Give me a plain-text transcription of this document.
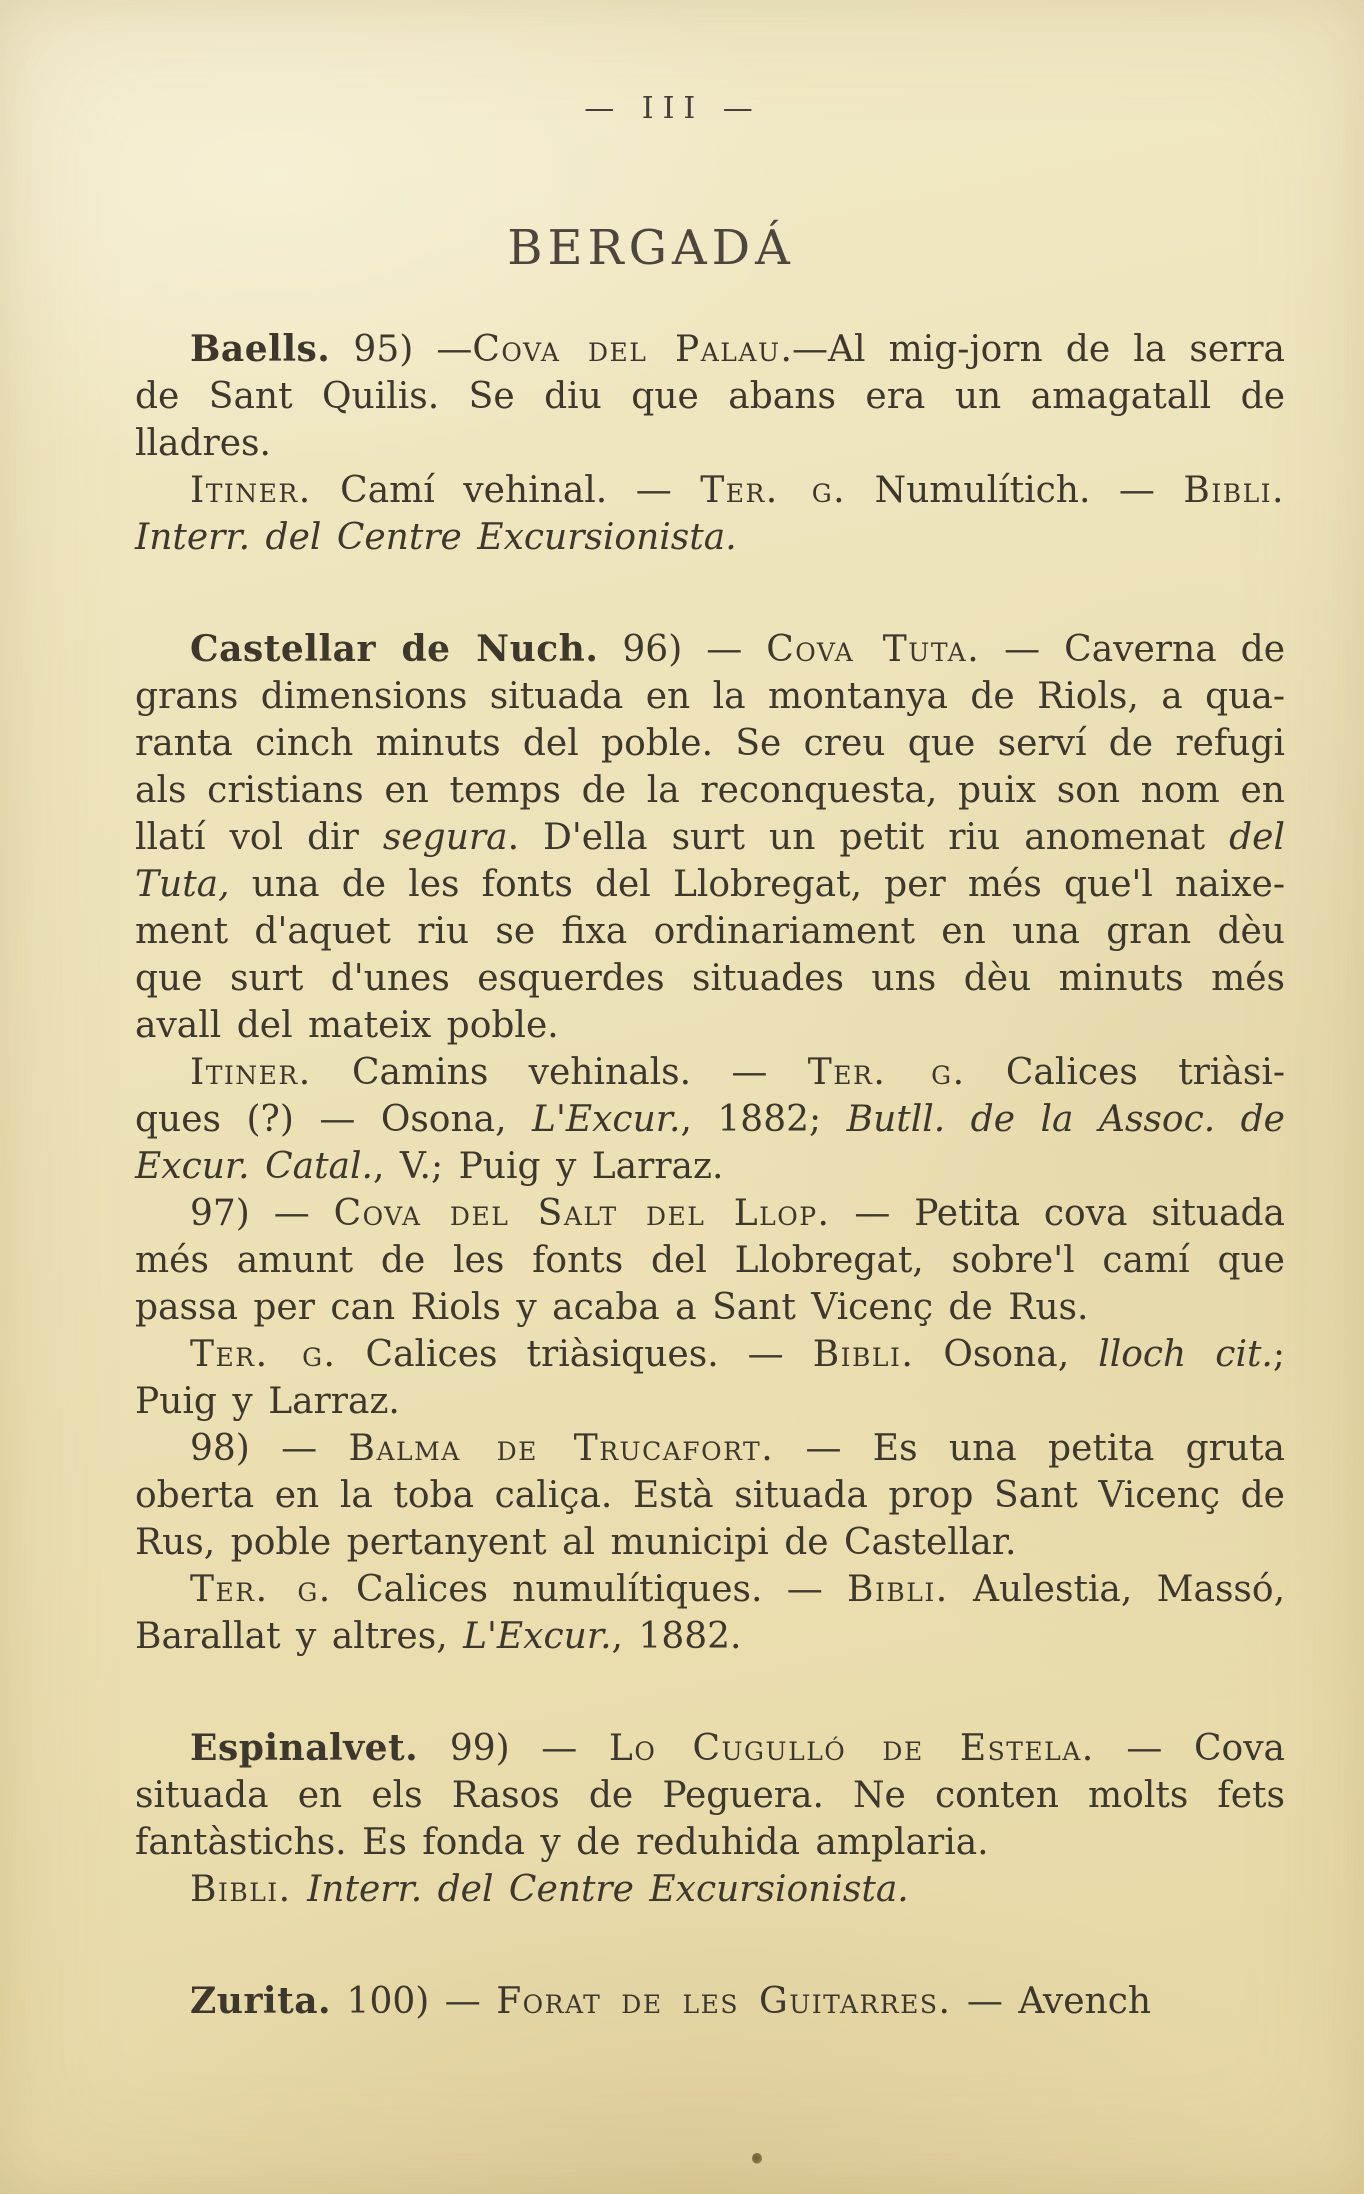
— III —
BERGADÁ
Baells. 95) —Cova del Palau.—Al mig-jorn de la serra
de Sant Quilis. Se diu que abans era un amagatall de
lladres.
Itiner. Camí vehinal. — Ter. g. Numulítich. — Bibli.
Interr. del Centre Excursionista.
Castellar de Nuch. 96) — Cova Tuta. — Caverna de
grans dimensions situada en la montanya de Riols, a qua-
ranta cinch minuts del poble. Se creu que serví de refugi
als cristians en temps de la reconquesta, puix son nom en
llatí vol dir segura. D'ella surt un petit riu anomenat del
Tuta, una de les fonts del Llobregat, per més que'l naixe-
ment d'aquet riu se fixa ordinariament en una gran dèu
que surt d'unes esquerdes situades uns dèu minuts més
avall del mateix poble.
Itiner. Camins vehinals. — Ter. g. Calices triàsi-
ques (?) — Osona, L'Excur., 1882; Butll. de la Assoc. de
Excur. Catal., V.; Puig y Larraz.
97) — Cova del Salt del Llop. — Petita cova situada
més amunt de les fonts del Llobregat, sobre'l camí que
passa per can Riols y acaba a Sant Vicenç de Rus.
Ter. g. Calices triàsiques. — Bibli. Osona, lloch cit.;
Puig y Larraz.
98) — Balma de Trucafort. — Es una petita gruta
oberta en la toba caliça. Està situada prop Sant Vicenç de
Rus, poble pertanyent al municipi de Castellar.
Ter. g. Calices numulítiques. — Bibli. Aulestia, Massó,
Barallat y altres, L'Excur., 1882.
Espinalvet. 99) — Lo Cugulló de Estela. — Cova
situada en els Rasos de Peguera. Ne conten molts fets
fantàstichs. Es fonda y de reduhida amplaria.
Bibli. Interr. del Centre Excursionista.
Zurita. 100) — Forat de les Guitarres. — Avench
